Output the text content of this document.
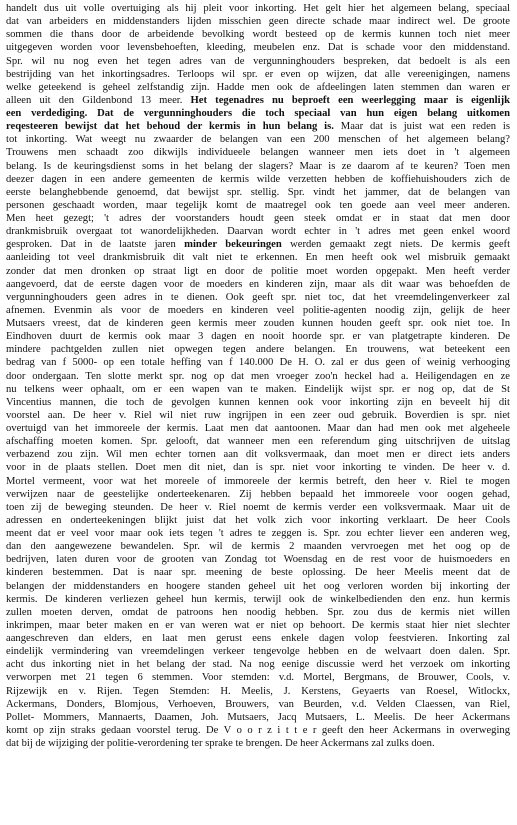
handelt dus uit volle overtuiging als hij pleit voor inkorting. Het gelt hier het algemeen belang, speciaal
dat van arbeiders en middenstanders lijden misschien geen directe schade maar indirect wel. De groote
sommen die thans door de arbeidende bevolking wordt besteed op de kermis kunnen toch niet meer
uitgegeven worden voor levensbehoeften, kleeding, meubelen enz. Dat is schade voor den middenstand.
Spr. wil nu nog even het tegen adres van de vergunninghouders bespreken, dat bedoelt is als een
bestrijding van het inkortingsadres. Terloops wil spr. er even op wijzen, dat alle vereenigingen, namens
welke geteekend is geheel zelfstandig zijn. Hadde men ook de afdeelingen laten stemmen dan waren er
alleen uit den Gildenbond 13 meer. Het tegenadres nu beproeft een weerlegging maar is eigenlijk
een verdediging. Dat de vergunninghouders die toch speciaal van hun eigen belang uitkomen
reqesteeren bewijst dat het behoud der kermis in hun belang is. Maar dat is juist wat een reden is
tot inkorting. Wat weegt nu zwaarder de belangen van een 200 menschen of het algemeen belang?
Trouwens men schaadt zoo dikwijls individueele belangen wanneer men iets doet in 't algemeen
belang. Is de keuringsdienst soms in het belang der slagers? Maar is ze daarom af te keuren? Toen men
deezer dagen in een andere gemeenten de kermis wilde verzetten hebben de koffiehuishouders zich de
eerste belanghebbende genoemd, dat bewijst spr. stellig. Spr. vindt het jammer, dat de belangen van
personen geschaadt worden, maar tegelijk komt de maatregel ook ten goede aan veel meer anderen.
Men heet gezegt; 't adres der voorstanders houdt geen steek omdat er in staat dat men door
drankmisbruik overgaat tot wanordelijkheden. Daarvan wordt echter in 't adres met geen enkel woord
gesproken. Dat in de laatste jaren minder bekeuringen werden gemaakt zegt niets. De kermis geeft
aanleiding tot veel drankmisbruik dit valt niet te erkennen. En men heeft ook wel misbruik gemaakt
zonder dat men dronken op straat ligt en door de politie moet worden opgepakt. Men heeft verder
aangevoerd, dat de eerste dagen voor de moeders en kinderen zijn, maar als dit waar was behoefden de
vergunninghouders geen adres in te dienen. Ook geeft spr. niet toc, dat het vreemdelingenverkeer zal
afnemen. Evenmin als voor de moeders en kinderen veel politie-agenten noodig zijn, gelijk de heer
Mutsaers vreest, dat de kinderen geen kermis meer zouden kunnen houden geeft spr. ook niet toe. In
Eindhoven duurt de kermis ook maar 3 dagen en nooit hoorde spr. er van platgetrapte kinderen. De
mindere pachtgelden zullen niet opwegen tegen andere belangen. En trouwens, wat beteekent een
bedrag van f 5000- op een totale heffing van f 140.000 De H. O. zal er dus geen of weinig verhooging
door ondergaan. Ten slotte merkt spr. nog op dat men vroeger zoo'n heckel had a. Heiligendagen en ze
nu telkens weer ophaalt, om er een wapen van te maken. Eindelijk wijst spr. er nog op, dat de St
Vincentius mannen, die toch de gevolgen kunnen kennen ook voor inkorting zijn en beveelt hij dit
voorstel aan. De heer v. Riel wil niet ruw ingrijpen in een zeer oud gebruik. Boverdien is spr. niet
overtuigd van het immoreele der kermis. Laat men dat aantoonen. Maar dan had men ook met algeheele
afschaffing moeten komen. Spr. gelooft, dat wanneer men een referendum ging uitschrijven de uitslag
verbazend zou zijn. Wil men echter tornen aan dit volksvermaak, dan moet men er direct iets anders
voor in de plaats stellen. Doet men dit niet, dan is spr. niet voor inkorting te vinden. De heer v. d.
Mortel vermeent, voor wat het moreele of immoreele der kermis betreft, den heer v. Riel te mogen
verwijzen naar de geestelijke onderteekenaren. Zij hebben bepaald het immoreele voor oogen gehad,
toen zij de beweging steunden. De heer v. Riel noemt de kermis verder een volksvermaak. Maar uit de
adressen en onderteekeningen blijkt juist dat het volk zich voor inkorting verklaart. De heer Cools
meent dat er veel voor maar ook iets tegen 't adres te zeggen is. Spr. zou echter liever een anderen weg,
dan den aangewezene bewandelen. Spr. wil de kermis 2 maanden vervroegen met het oog op de
bedrijven, laten duren voor de grooten van Zondag tot Woensdag en de rest voor de huismoeders en
kinderen bestemmen. Dat is naar spr. meening de beste oplossing. De heer Meelis meent dat de
belangen der middenstanders en hoogere standen geheel uit het oog verloren worden bij inkorting der
kermis. De kinderen verliezen geheel hun kermis, terwijl ook de winkelbedienden den enz. hun kermis
zullen moeten derven, omdat de patroons hen noodig hebben. Spr. zou dus de kermis niet willen
inkrimpen, maar beter maken en er van weren wat er niet op behoort. De kermis staat hier niet slechter
aangeschreven dan elders, en laat men gerust eens enkele dagen volop feestvieren. Inkorting zal
eindelijk vermindering van vreemdelingen verkeer tengevolge hebben en de welvaart doen dalen. Spr.
acht dus inkorting niet in het belang der stad. Na nog eenige discussie werd het verzoek om inkorting
verworpen met 21 tegen 6 stemmen. Voor stemden: v.d. Mortel, Bergmans, de Brouwer, Cools, v.
Rijzewijk en v. Rijen. Tegen Stemden: H. Meelis, J. Kerstens, Geyaerts van Roesel, Witlockx,
Ackermans, Donders, Blomjous, Verhoeven, Brouwers, van Beurden, v.d. Velden Claessen, van Riel,
Pollet- Mommers, Mannaerts, Daamen, Joh. Mutsaers, Jacq Mutsaers, L. Meelis. De heer Ackermans
komt op zijn straks gedaan voorstel terug. De V o o r z i t t e r geeft den heer Ackermans in overweging
dat bij de wijziging der politie-verordening ter sprake te brengen. De heer Ackermans zal zulks doen.
